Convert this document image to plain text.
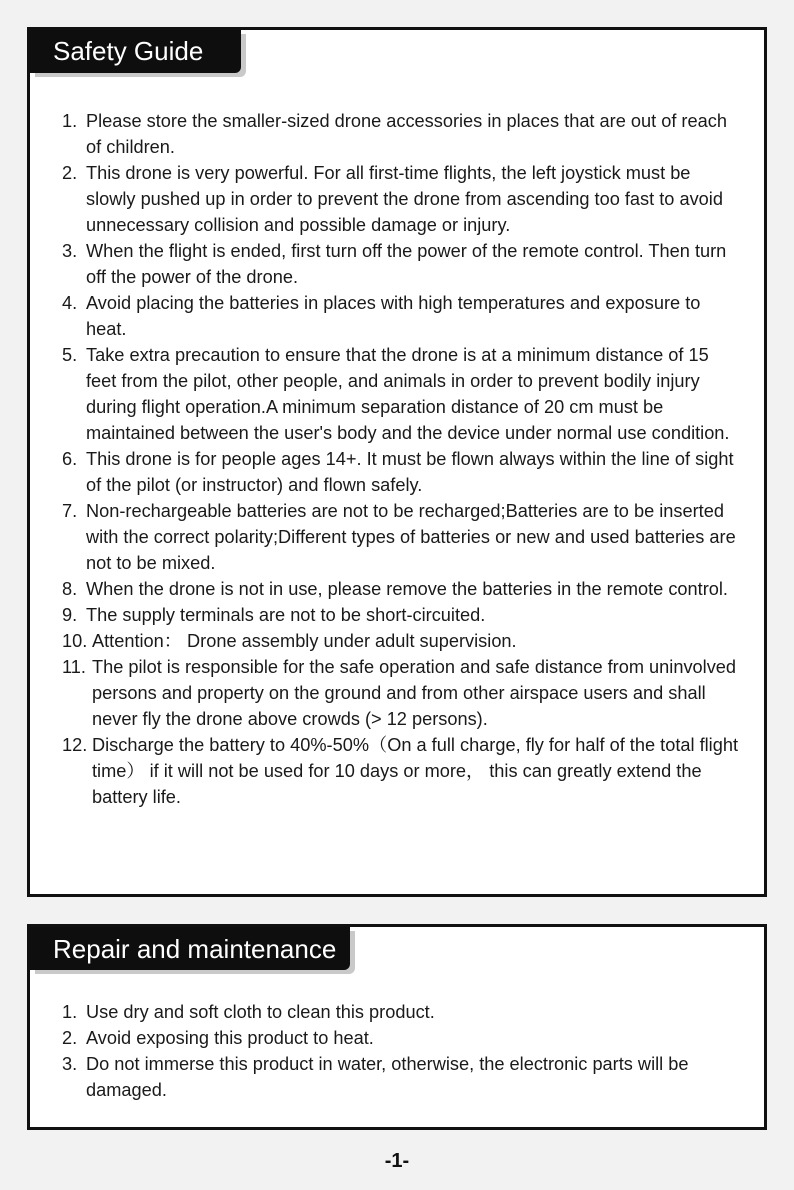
Safety Guide
1. Please store the smaller-sized drone accessories in places that are out of reach of children.
2. This drone is very powerful. For all first-time flights, the left joystick must be slowly pushed up in order to prevent the drone from ascending too fast to avoid unnecessary collision and possible damage or injury.
3. When the flight is ended, first turn off the power of the remote control. Then turn off the power of the drone.
4. Avoid placing the batteries in places with high temperatures and exposure to heat.
5. Take extra precaution to ensure that the drone is at a minimum distance of 15 feet from the pilot, other people, and animals in order to prevent bodily injury during flight operation.A minimum separation distance of 20 cm must be maintained between the user's body and the device under normal use condition.
6. This drone is for people ages 14+. It must be flown always within the line of sight of the pilot (or instructor) and flown safely.
7. Non-rechargeable batteries are not to be recharged;Batteries are to be inserted with the correct polarity;Different types of batteries or new and used batteries are not to be mixed.
8. When the drone is not in use, please remove the batteries in the remote control.
9. The supply terminals are not to be short-circuited.
10. Attention： Drone assembly under adult supervision.
11. The pilot is responsible for the safe operation and safe distance from uninvolved persons and property on the ground and from other airspace users and shall never fly the drone above crowds (> 12 persons).
12. Discharge the battery to 40%-50%（On a full charge, fly for half of the total flight time） if it will not be used for 10 days or more， this can greatly extend the battery life.
Repair and maintenance
1. Use dry and soft cloth to clean this product.
2. Avoid exposing this product to heat.
3. Do not immerse this product in water, otherwise, the electronic parts will be damaged.
-1-
